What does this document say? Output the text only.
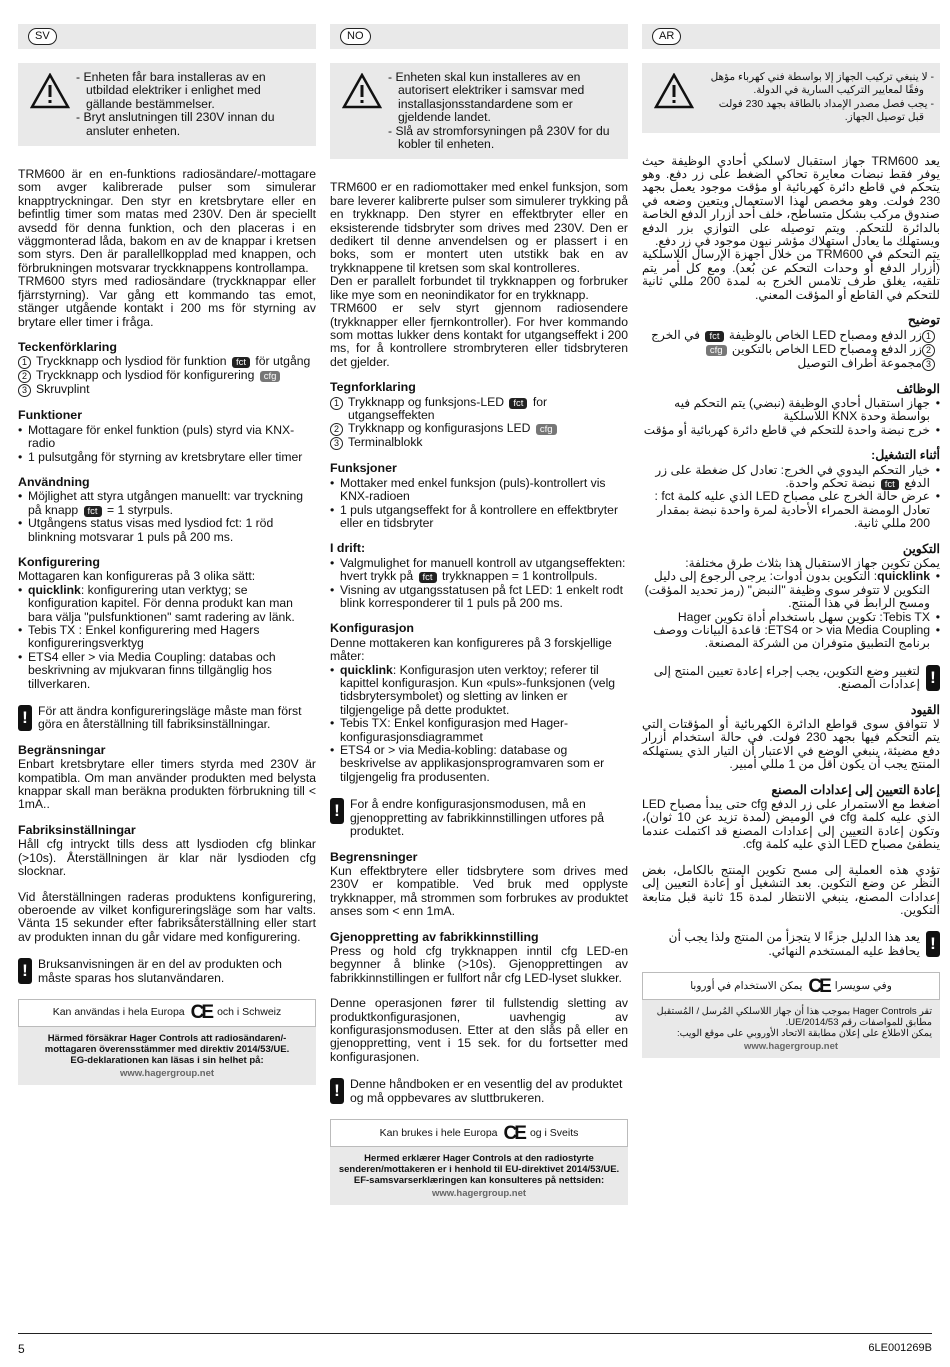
SV
- Enheten får bara installeras av en utbildad elektriker i enlighet med gällande bestämmelser.
- Bryt anslutningen till 230V innan du ansluter enheten.

TRM600 är en en-funktions radiosändare/-mottagare som avger kalibrerade pulser som simulerar knapptryckningar. Den styr en kretsbrytare eller en befintlig timer som matas med 230V. Den är speciellt avsedd för denna funktion, och den placeras i en väggmonterad låda, bakom en av de knappar i kretsen som styrs. Den är parallellkopplad med knappen, och förbrukningen motsvarar tryckknappens kontrollampa.

TRM600 styrs med radiosändare (tryckknappar eller fjärrstyrning). Var gång ett kommando tas emot, stänger utgående kontakt i 200 ms för styrning av brytare eller timer i fråga.

Teckenförklaring
1 Tryckknapp och lysdiod för funktion fct för utgång
2 Tryckknapp och lysdiod för konfigurering cfg
3 Skruvplint
Funktioner
• Mottagare för enkel funktion (puls) styrd via KNX-radio
• 1 pulsutgång för styrning av kretsbrytare eller timer
Användning
• Möjlighet att styra utgången manuellt: var tryckning på knapp fct = 1 styrpuls.
• Utgångens status visas med lysdiod fct: 1 röd blinkning motsvarar 1 puls på 200 ms.
Konfigurering

Mottagaren kan konfigureras på 3 olika sätt:

• quicklink: konfigurering utan verktyg; se konfiguration kapitel. För denna produkt kan man bara välja "pulsfunktionen" samt radering av länk.
• Tebis TX : Enkel konfigurering med Hagers konfigureringsverktyg
• ETS4 eller > via Media Coupling: databas och beskrivning av mjukvaran finns tillgänglig hos tillverkaren.
! För att ändra konfigureringsläge måste man först göra en återställning till fabriksinställningar.
Begränsningar

Enbart kretsbrytare eller timers styrda med 230V är kompatibla. Om man använder produkten med belysta knappar skall man beräkna produkten förbrukning till < 1mA..

Fabriksinställningar

Håll cfg intryckt tills dess att lysdioden cfg blinkar (>10s). Återställningen är klar när lysdioden cfg slocknar.

Vid återställningen raderas produktens konfigurering, oberoende av vilket konfigureringsläge som har valts. Vänta 15 sekunder efter fabriksåterställning eller start av produkten innan du går vidare med konfigurering.

! Bruksanvisningen är en del av produkten och måste sparas hos slutanvändaren.
Kan användas i hela Europa CE och i Schweiz
Härmed försäkrar Hager Controls att radiosändaren/-mottagaren överensstämmer med direktiv 2014/53/UE.
EG-deklarationen kan läsas i sin helhet på:
www.hagergroup.net
NO
- Enheten skal kun installeres av en autorisert elektriker i samsvar med installasjonsstandardene som er gjeldende landet.
- Slå av stromforsyningen på 230V for du kobler til enheten.

TRM600 er en radiomottaker med enkel funksjon, som bare leverer kalibrerte pulser som simulerer trykking på en trykknapp. Den styrer en effektbryter eller en eksisterende tidsbryter som drives med 230V. Den er dedikert til denne anvendelsen og er plassert i en boks, som er montert uten utstikk bak en av trykknappene til kretsen som skal kontrolleres.

Den er parallelt forbundet til trykknappen og forbruker like mye som en neonindikator for en trykknapp.

TRM600 er selv styrt gjennom radiosendere (trykknapper eller fjernkontroller). For hver kommando som mottas lukker dens kontakt for utgangseffekt i 200 ms, for å kontrollere strombryteren eller tidsbryteren det gjelder.

Tegnforklaring
1 Trykknapp og funksjons-LED fct for utgangseffekten
2 Trykknapp og konfigurasjons LED cfg
3 Terminalblokk
Funksjoner
• Mottaker med enkel funksjon (puls)-kontrollert vis KNX-radioen
• 1 puls utgangseffekt for å kontrollere en effektbryter eller en tidsbryter
I drift:
• Valgmulighet for manuell kontroll av utgangseffekten: hvert trykk på fct trykknappen = 1 kontrollpuls.
• Visning av utgangsstatusen på fct LED: 1 enkelt rodt blink korresponderer til 1 puls på 200 ms.
Konfigurasjon

Denne mottakeren kan konfigureres på 3 forskjellige måter:

• quicklink: Konfigurasjon uten verktoy; referer til kapittel konfigurasjon. Kun «puls»-funksjonen (velg tidsbrytersymbolet) og sletting av linken er tilgjengelige på dette produktet.
• Tebis TX: Enkel konfigurasjon med Hager-konfigurasjonsdiagrammet
• ETS4 or > via Media-kobling: database og beskrivelse av applikasjonsprogramvaren som er tilgjengelig fra produsenten.
! For å endre konfigurasjonsmodusen, må en gjenoppretting av fabrikkinnstillingen utfores på produktet.
Begrensninger

Kun effektbrytere eller tidsbrytere som drives med 230V er kompatible. Ved bruk med opplyste trykknapper, må strommen som forbrukes av produktet anses som < enn 1mA.

Gjenoppretting av fabrikkinnstilling

Press og hold cfg trykknappen inntil cfg LED-en begynner å blinke (>10s). Gjenopprettingen av fabrikkinnstillingen er fullfort når cfg LED-lyset slukker.

Denne operasjonen fører til fullstendig sletting av produktkonfigurasjonen, uavhengig av konfigurasjonsmodusen. Etter at den slås på eller en gjenoppretting, vent i 15 sek. for du fortsetter med konfigurasjonen.

! Denne håndboken er en vesentlig del av produktet og må oppbevares av sluttbrukeren.
Kan brukes i hele Europa CE og i Sveits
Hermed erklærer Hager Controls at den radiostyrte senderen/mottakeren er i henhold til EU-direktivet 2014/53/UE.
EF-samsvarserklæringen kan konsulteres på nettsiden:
www.hagergroup.net
AR
- لا ينبغي تركيب الجهاز إلا بواسطة فني كهرباء مؤهل وفقًا لمعايير التركيب السارية في الدولة.
- يجب فصل مصدر الإمداد بالطاقة بجهد 230 فولت قبل توصيل الجهاز.

يعد TRM600 جهاز استقبال لاسلكي أحادي الوظيفة حيث يوفر فقط نبضات معايرة تحاكي الضغط على زر دفع. وهو يتحكم في قاطع دائرة كهربائية أو مؤقت موجود يعمل بجهد 230 فولت. وهو مخصص لهذا الاستعمال ويتعين وضعه في صندوق مركب بشكل متساطح، خلف أحد أزرار الدفع الخاصة بالدائرة للتحكم. ويتم توصيله على التوازي بزر الدفع ويستهلك ما يعادل استهلاك مؤشر نيون موجود في زر دفع.

يتم التحكم في TRM600 من خلال أجهزة الإرسال اللاسلكية (أزرار الدفع أو وحدات التحكم عن بُعد). ومع كل أمر يتم تلقيه، يغلق طرف تلامس الخرج به لمدة 200 مللي ثانية للتحكم في القاطع أو المؤقت المعني.

توضيح
1
زر الدفع ومصباح LED الخاص بالوظيفة fct في الخرج
2
زر الدفع ومصباح LED الخاص بالتكوين cfg
3
مجموعة أطراف التوصيل
الوظائف
• جهاز استقبال أحادي الوظيفة (نبضي) يتم التحكم فيه بواسطة وحدة KNX اللاسلكية
• خرج نبضة واحدة للتحكم في قاطع دائرة كهربائية أو مؤقت
أثناء التشغيل:
• خيار التحكم اليدوي في الخرج: تعادل كل ضغطة على زر الدفع fct نبضة تحكم واحدة.
• عرض حالة الخرج على مصباح LED الذي عليه كلمة fct : تعادل الومضة الحمراء الأحادية لمرة واحدة نبضة بمقدار 200 مللي ثانية.
التكوين

يمكن تكوين جهاز الاستقبال هذا بثلاث طرق مختلفة:

• quicklink: التكوين بدون أدوات: يرجى الرجوع إلى دليل التكوين لا تتوفر سوى وظيفة "النبض" (رمز تحديد المؤقت) ومسح الرابط في هذا المنتج.
• Tebis TX: تكوين سهل باستخدام أداة تكوين Hager
• ETS4 or > via Media Coupling: قاعدة البيانات ووصف برنامج التطبيق متوفران من الشركة المصنعة.
!
لتغيير وضع التكوين، يجب إجراء إعادة تعيين المنتج إلى إعدادات المصنع.
القيود

لا تتوافق سوى قواطع الدائرة الكهربائية أو المؤقتات التي يتم التحكم فيها بجهد 230 فولت. في حالة استخدام أزرار دفع مضيئة، ينبغي الوضع في الاعتبار أن التيار الذي يستهلكه المنتج يجب أن يكون أقل من 1 مللي أمبير.

إعادة التعيين إلى إعدادات المصنع

اضغط مع الاستمرار على زر الدفع cfg حتى يبدأ مصباح LED الذي عليه كلمة cfg في الوميض (لمدة تزيد عن 10 ثوان)، وتكون إعادة التعيين إلى إعدادات المصنع قد اكتملت عندما ينطفئ مصباح LED الذي عليه كلمة cfg.

تؤدي هذه العملية إلى مسح تكوين المنتج بالكامل، بغض النظر عن وضع التكوين. بعد التشغيل أو إعادة التعيين إلى إعدادات المصنع، ينبغي الانتظار لمدة 15 ثانية قبل متابعة التكوين.

!
يعد هذا الدليل جزءًا لا يتجزأ من المنتج ولذا يجب أن يحافظ عليه المستخدم النهائي.
وفي سويسرا
CE
يمكن الاستخدام في أوروبا
تقر Hager Controls بموجب هذا أن جهاز اللاسلكي المُرسل / المُستقبل مطابق للمواصفات رقم 2014/53/UE.
يمكن الاطلاع على إعلان مطابقة الاتحاد الأوروبي على موقع الويب:
www.hagergroup.net
5	6LE001269B
